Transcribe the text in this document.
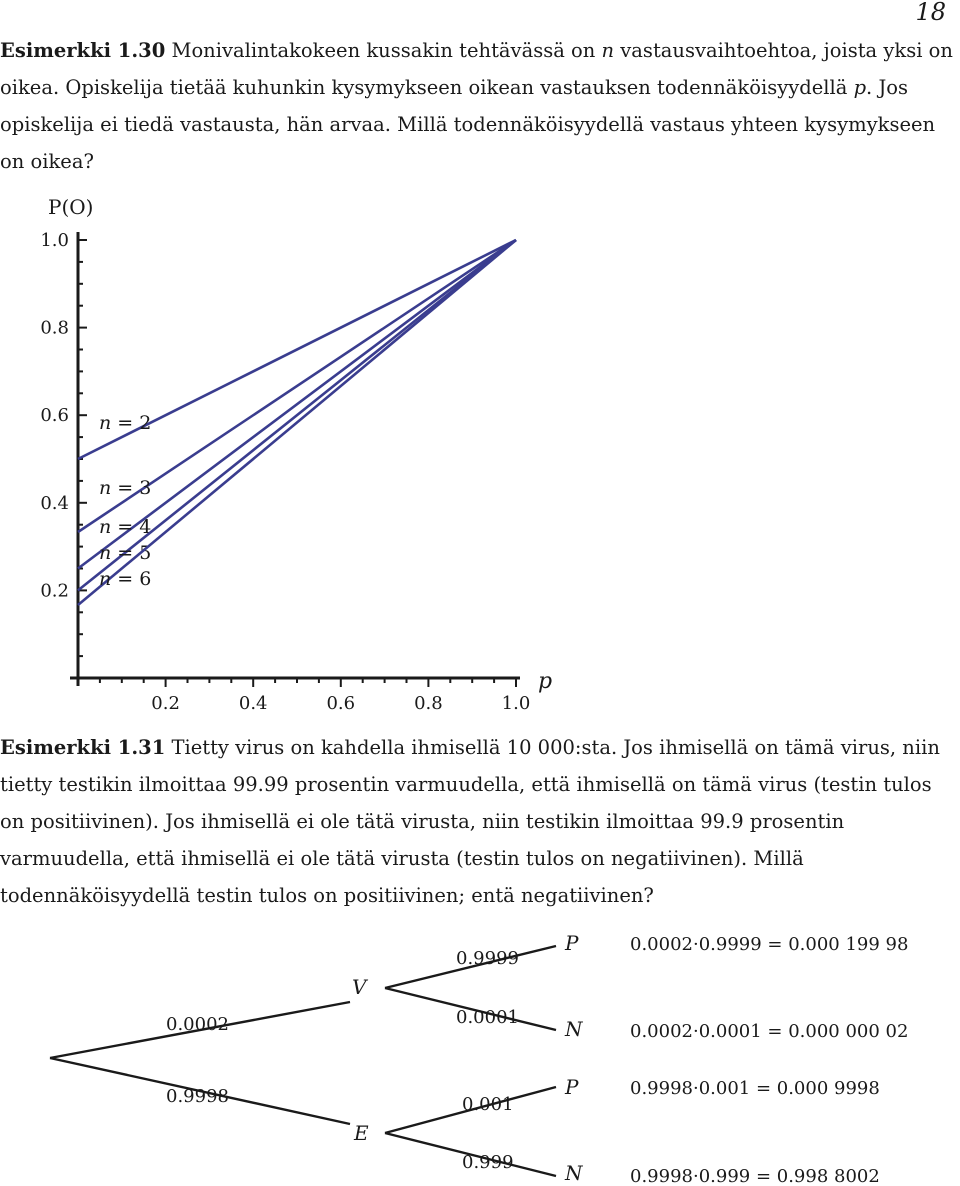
18

Esimerkki 1.30 Monivalintakokeen kussakin tehtävässä on n vastausvaihtoehtoa, joista yksi on oikea. Opiskelija tietää kuhunkin kysymykseen oikean vastauksen todennäköisyydellä p. Jos opiskelija ei tiedä vastausta, hän arvaa. Millä todennäköisyydellä vastaus yhteen kysymykseen on oikea?

P(O)
p
0.2	0.4	0.6	0.8	1.0
1.0
0.8
0.6
0.4
0.2
n = 2
n = 3
n = 4
n = 5
n = 6

Esimerkki 1.31 Tietty virus on kahdella ihmisellä 10 000:sta. Jos ihmisellä on tämä virus, niin tietty testikin ilmoittaa 99.99 prosentin varmuudella, että ihmisellä on tämä virus (testin tulos on positiivinen). Jos ihmisellä ei ole tätä virusta, niin testikin ilmoittaa 99.9 prosentin varmuudella, että ihmisellä ei ole tätä virusta (testin tulos on negatiivinen). Millä todennäköisyydellä testin tulos on positiivinen; entä negatiivinen?

V
E
0.0002
0.9998
0.9999
0.0001
0.001
0.999
P
N
P
N
0.0002·0.9999 = 0.000 199 98
0.0002·0.0001 = 0.000 000 02
0.9998·0.001 = 0.000 9998
0.9998·0.999 = 0.998 8002
